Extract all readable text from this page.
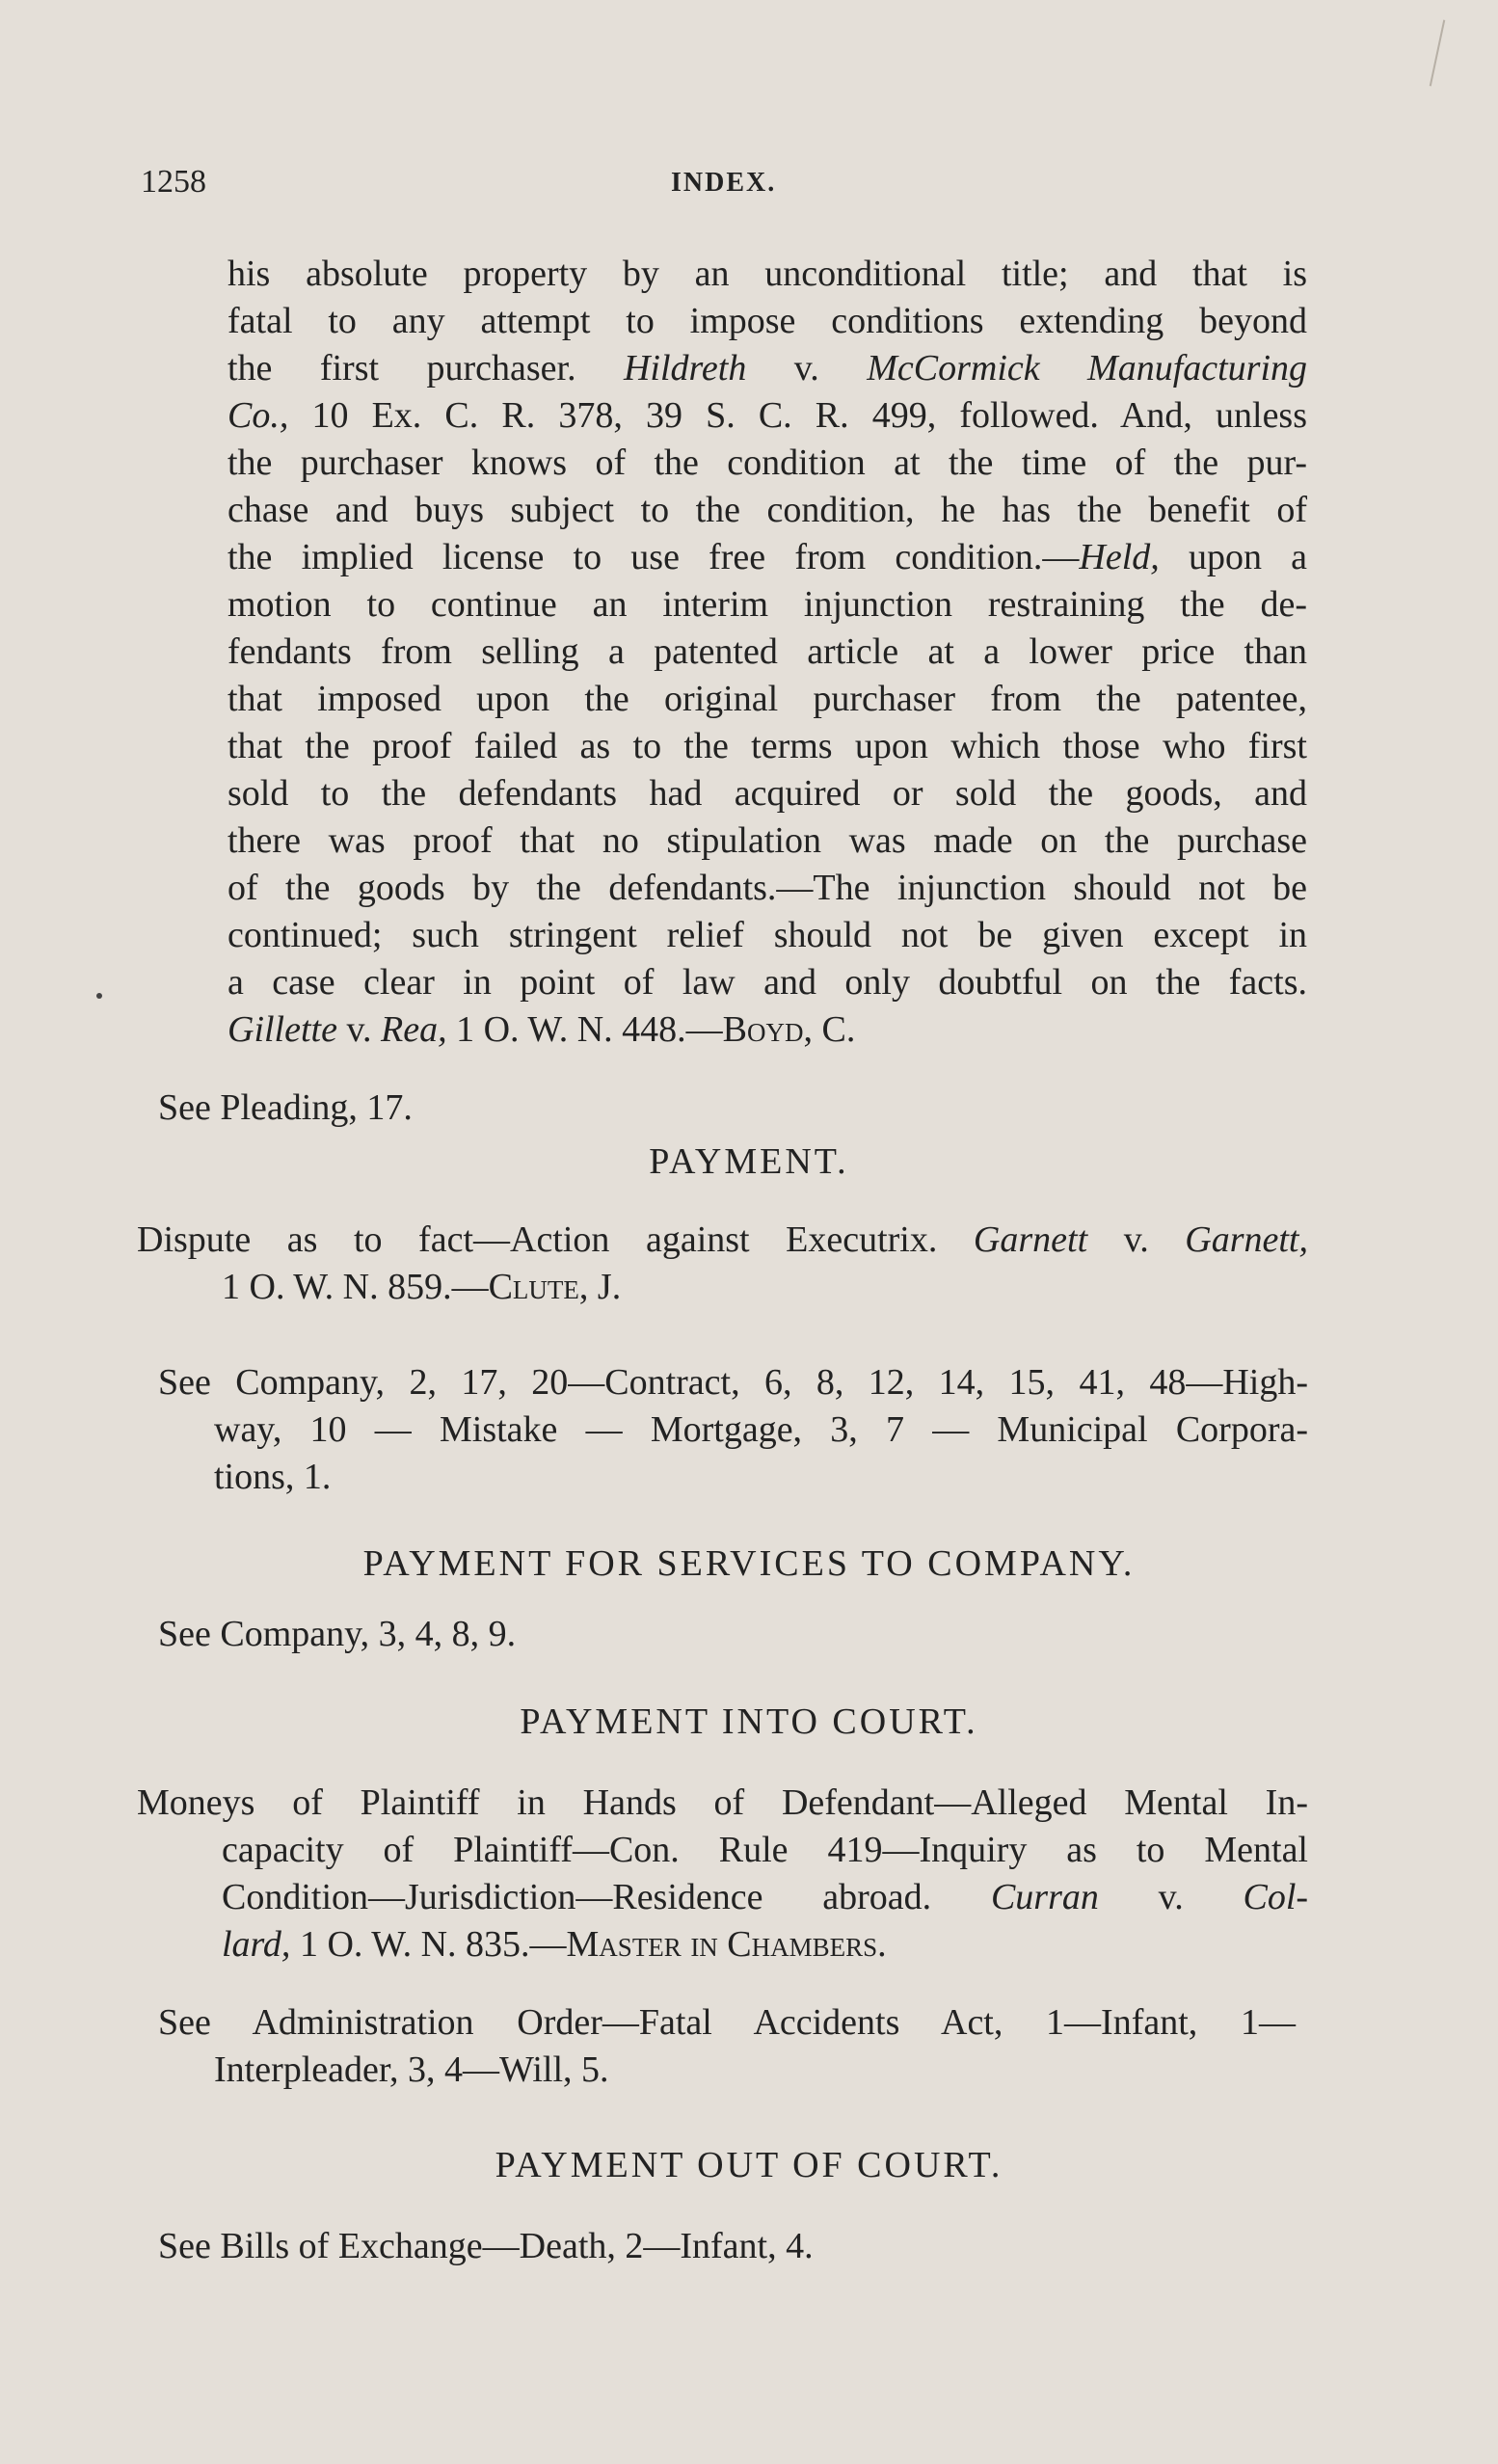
1258	INDEX.
his absolute property by an unconditional title; and that is
fatal to any attempt to impose conditions extending beyond
the first purchaser. Hildreth v. McCormick Manufacturing
Co., 10 Ex. C. R. 378, 39 S. C. R. 499, followed. And, unless
the purchaser knows of the condition at the time of the pur-
chase and buys subject to the condition, he has the benefit of
the implied license to use free from condition.—Held, upon a
motion to continue an interim injunction restraining the de-
fendants from selling a patented article at a lower price than
that imposed upon the original purchaser from the patentee,
that the proof failed as to the terms upon which those who first
sold to the defendants had acquired or sold the goods, and
there was proof that no stipulation was made on the purchase
of the goods by the defendants.—The injunction should not be
continued; such stringent relief should not be given except in
a case clear in point of law and only doubtful on the facts.
Gillette v. Rea, 1 O. W. N. 448.—Boyd, C.
See Pleading, 17.
PAYMENT.
Dispute as to fact—Action against Executrix. Garnett v. Garnett,
1 O. W. N. 859.—Clute, J.
See Company, 2, 17, 20—Contract, 6, 8, 12, 14, 15, 41, 48—High-
way, 10 — Mistake — Mortgage, 3, 7 — Municipal Corpora-
tions, 1.
PAYMENT FOR SERVICES TO COMPANY.
See Company, 3, 4, 8, 9.
PAYMENT INTO COURT.
Moneys of Plaintiff in Hands of Defendant—Alleged Mental In-
capacity of Plaintiff—Con. Rule 419—Inquiry as to Mental
Condition—Jurisdiction—Residence abroad. Curran v. Col-
lard, 1 O. W. N. 835.—Master in Chambers.
See Administration Order—Fatal Accidents Act, 1—Infant, 1—
Interpleader, 3, 4—Will, 5.
PAYMENT OUT OF COURT.
See Bills of Exchange—Death, 2—Infant, 4.
